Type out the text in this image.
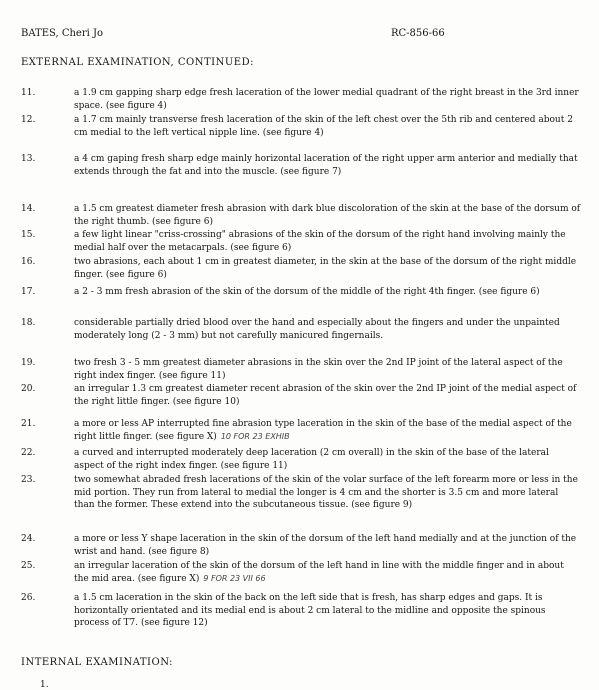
BATES, Cheri Jo	RC-856-66
EXTERNAL EXAMINATION, CONTINUED:
11.	a 1.9 cm gapping sharp edge fresh laceration of the lower medial quadrant of the right breast in the 3rd inner space. (see figure 4)
12.	a 1.7 cm mainly transverse fresh laceration of the skin of the left chest over the 5th rib and centered about 2 cm medial to the left vertical nipple line. (see figure 4)
13.	a 4 cm gaping fresh sharp edge mainly horizontal laceration of the right upper arm anterior and medially that extends through the fat and into the muscle. (see figure 7)
14.	a 1.5 cm greatest diameter fresh abrasion with dark blue discoloration of the skin at the base of the dorsum of the right thumb. (see figure 6)
15.	a few light linear "criss-crossing" abrasions of the skin of the dorsum of the right hand involving mainly the medial half over the metacarpals. (see figure 6)
16.	two abrasions, each about 1 cm in greatest diameter, in the skin at the base of the dorsum of the right middle finger. (see figure 6)
17.	a 2 - 3 mm fresh abrasion of the skin of the dorsum of the middle of the right 4th finger. (see figure 6)
18.	considerable partially dried blood over the hand and especially about the fingers and under the unpainted moderately long (2 - 3 mm) but not carefully manicured fingernails.
19.	two fresh 3 - 5 mm greatest diameter abrasions in the skin over the 2nd IP joint of the lateral aspect of the right index finger. (see figure 11)
20.	an irregular 1.3 cm greatest diameter recent abrasion of the skin over the 2nd IP joint of the medial aspect of the right little finger. (see figure 10)
21.	a more or less AP interrupted fine abrasion type laceration in the skin of the base of the medial aspect of the right little finger. (see figure X) 10 FOR 23 EXHIB
22.	a curved and interrupted moderately deep laceration (2 cm overall) in the skin of the base of the lateral aspect of the right index finger. (see figure 11)
23.	two somewhat abraded fresh lacerations of the skin of the volar surface of the left forearm more or less in the mid portion. They run from lateral to medial the longer is 4 cm and the shorter is 3.5 cm and more lateral than the former. These extend into the subcutaneous tissue. (see figure 9)
24.	a more or less Y shape laceration in the skin of the dorsum of the left hand medially and at the junction of the wrist and hand. (see figure 8)
25.	an irregular laceration of the skin of the dorsum of the left hand in line with the middle finger and in about the mid area. (see figure X) 9 FOR 23 VII 66
26.	a 1.5 cm laceration in the skin of the back on the left side that is fresh, has sharp edges and gaps. It is horizontally orientated and its medial end is about 2 cm lateral to the midline and opposite the spinous process of T7. (see figure 12)
INTERNAL EXAMINATION:
1.
